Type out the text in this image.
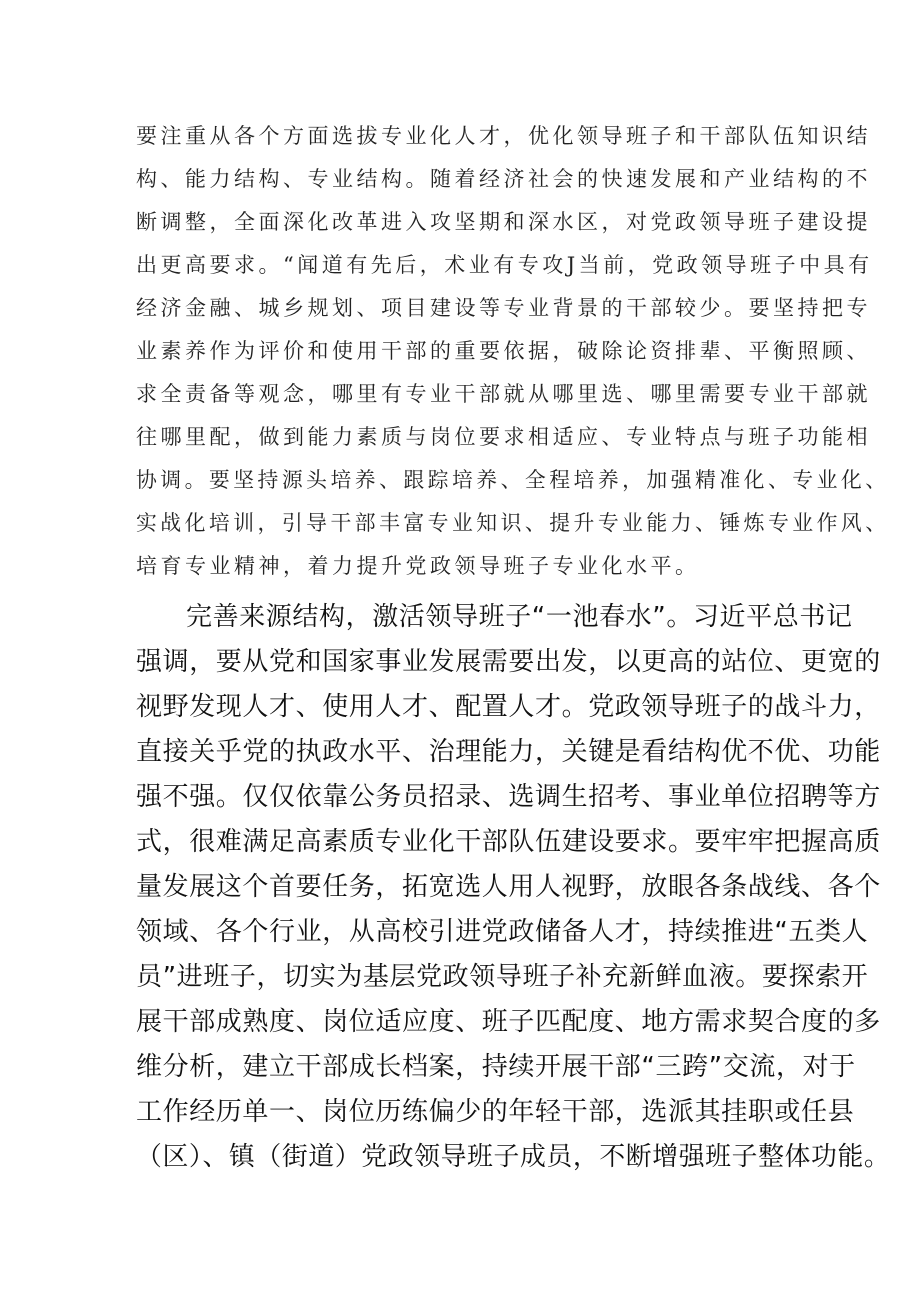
要注重从各个方面选拔专业化人才，优化领导班子和干部队伍知识结
构、能力结构、专业结构。随着经济社会的快速发展和产业结构的不
断调整，全面深化改革进入攻坚期和深水区，对党政领导班子建设提
出更高要求。“闻道有先后，术业有专攻J当前，党政领导班子中具有
经济金融、城乡规划、项目建设等专业背景的干部较少。要坚持把专
业素养作为评价和使用干部的重要依据，破除论资排辈、平衡照顾、
求全责备等观念，哪里有专业干部就从哪里选、哪里需要专业干部就
往哪里配，做到能力素质与岗位要求相适应、专业特点与班子功能相
协调。要坚持源头培养、跟踪培养、全程培养，加强精准化、专业化、
实战化培训，引导干部丰富专业知识、提升专业能力、锤炼专业作风、
培育专业精神，着力提升党政领导班子专业化水平。
完善来源结构，激活领导班子“一池春水”。习近平总书记
强调，要从党和国家事业发展需要出发，以更高的站位、更宽的
视野发现人才、使用人才、配置人才。党政领导班子的战斗力，
直接关乎党的执政水平、治理能力，关键是看结构优不优、功能
强不强。仅仅依靠公务员招录、选调生招考、事业单位招聘等方
式，很难满足高素质专业化干部队伍建设要求。要牢牢把握高质
量发展这个首要任务，拓宽选人用人视野，放眼各条战线、各个
领域、各个行业，从高校引进党政储备人才，持续推进“五类人
员”进班子，切实为基层党政领导班子补充新鲜血液。要探索开
展干部成熟度、岗位适应度、班子匹配度、地方需求契合度的多
维分析，建立干部成长档案，持续开展干部“三跨”交流，对于
工作经历单一、岗位历练偏少的年轻干部，选派其挂职或任县
（区）、镇（街道）党政领导班子成员，不断增强班子整体功能。
